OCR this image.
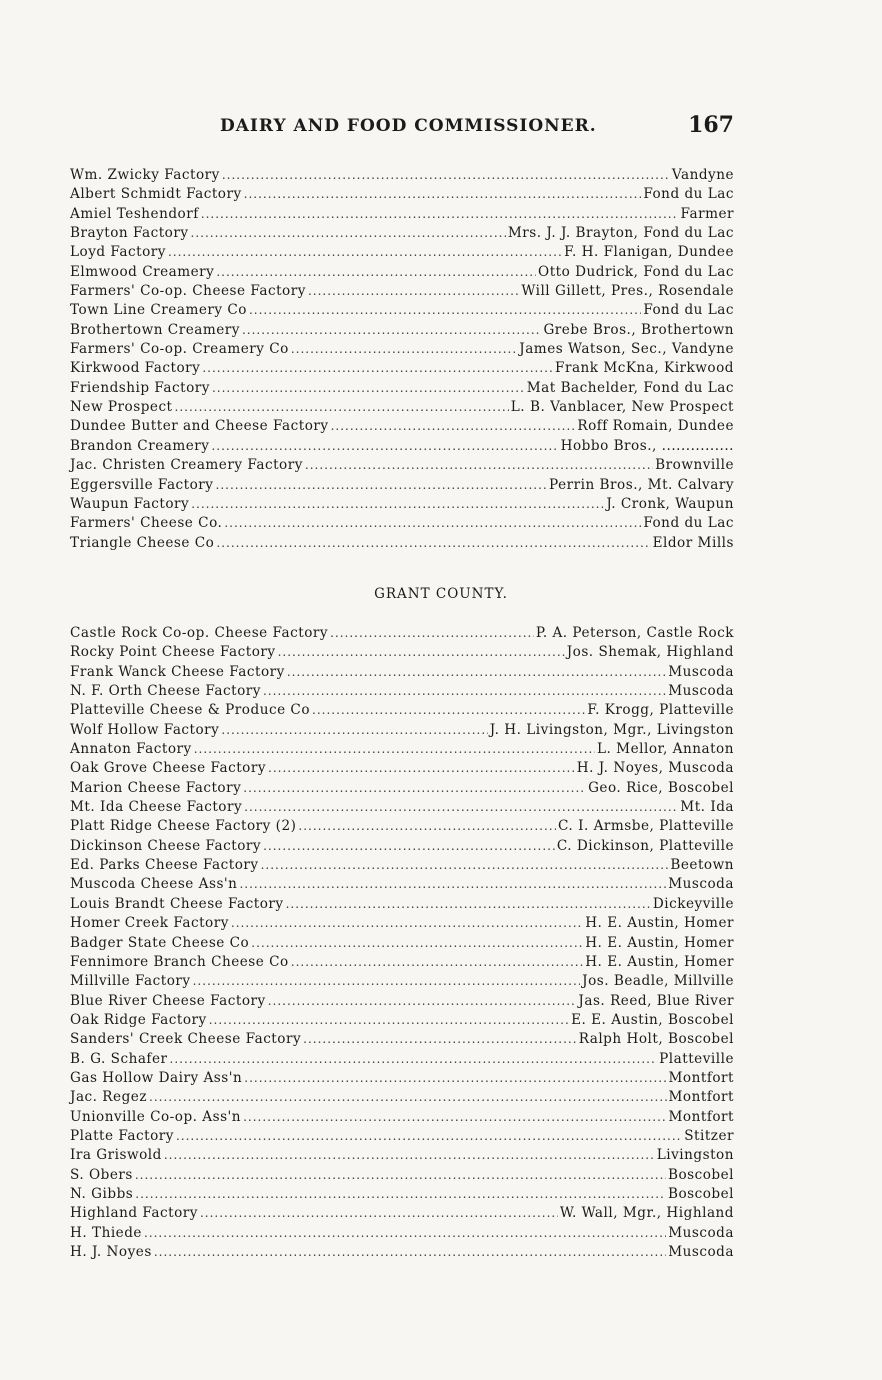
DAIRY AND FOOD COMMISSIONER.	167
Wm. Zwicky Factory .....	Vandyne
Albert Schmidt Factory .....	Fond du Lac
Amiel Teshendorf .....	Farmer
Brayton Factory .....	Mrs. J. J. Brayton, Fond du Lac
Loyd Factory .....	F. H. Flanigan, Dundee
Elmwood Creamery .....	Otto Dudrick, Fond du Lac
Farmers' Co-op. Cheese Factory .....	Will Gillett, Pres., Rosendale
Town Line Creamery Co .....	Fond du Lac
Brothertown Creamery .....	Grebe Bros., Brothertown
Farmers' Co-op. Creamery Co .....	James Watson, Sec., Vandyne
Kirkwood Factory .....	Frank McKna, Kirkwood
Friendship Factory .....	Mat Bachelder, Fond du Lac
New Prospect .....	L. B. Vanblacer, New Prospect
Dundee Butter and Cheese Factory .....	Roff Romain, Dundee
Brandon Creamery .....	Hobbo Bros., ...............
Jac. Christen Creamery Factory .....	Brownville
Eggersville Factory .....	Perrin Bros., Mt. Calvary
Waupun Factory .....	J. Cronk, Waupun
Farmers' Cheese Co. .....	Fond du Lac
Triangle Cheese Co .....	Eldor Mills
GRANT COUNTY.
Castle Rock Co-op. Cheese Factory .....	P. A. Peterson, Castle Rock
Rocky Point Cheese Factory .....	Jos. Shemak, Highland
Frank Wanck Cheese Factory .....	Muscoda
N. F. Orth Cheese Factory .....	Muscoda
Platteville Cheese & Produce Co .....	F. Krogg, Platteville
Wolf Hollow Factory .....	J. H. Livingston, Mgr., Livingston
Annaton Factory .....	L. Mellor, Annaton
Oak Grove Cheese Factory .....	H. J. Noyes, Muscoda
Marion Cheese Factory .....	Geo. Rice, Boscobel
Mt. Ida Cheese Factory .....	Mt. Ida
Platt Ridge Cheese Factory (2) .....	C. I. Armsbe, Platteville
Dickinson Cheese Factory .....	C. Dickinson, Platteville
Ed. Parks Cheese Factory .....	Beetown
Muscoda Cheese Ass'n .....	Muscoda
Louis Brandt Cheese Factory .....	Dickeyville
Homer Creek Factory .....	H. E. Austin, Homer
Badger State Cheese Co .....	H. E. Austin, Homer
Fennimore Branch Cheese Co .....	H. E. Austin, Homer
Millville Factory .....	Jos. Beadle, Millville
Blue River Cheese Factory .....	Jas. Reed, Blue River
Oak Ridge Factory .....	E. E. Austin, Boscobel
Sanders' Creek Cheese Factory .....	Ralph Holt, Boscobel
B. G. Schafer .....	Platteville
Gas Hollow Dairy Ass'n .....	Montfort
Jac. Regez .....	Montfort
Unionville Co-op. Ass'n .....	Montfort
Platte Factory .....	Stitzer
Ira Griswold .....	Livingston
S. Obers .....	Boscobel
N. Gibbs .....	Boscobel
Highland Factory .....	W. Wall, Mgr., Highland
H. Thiede .....	Muscoda
H. J. Noyes .....	Muscoda
